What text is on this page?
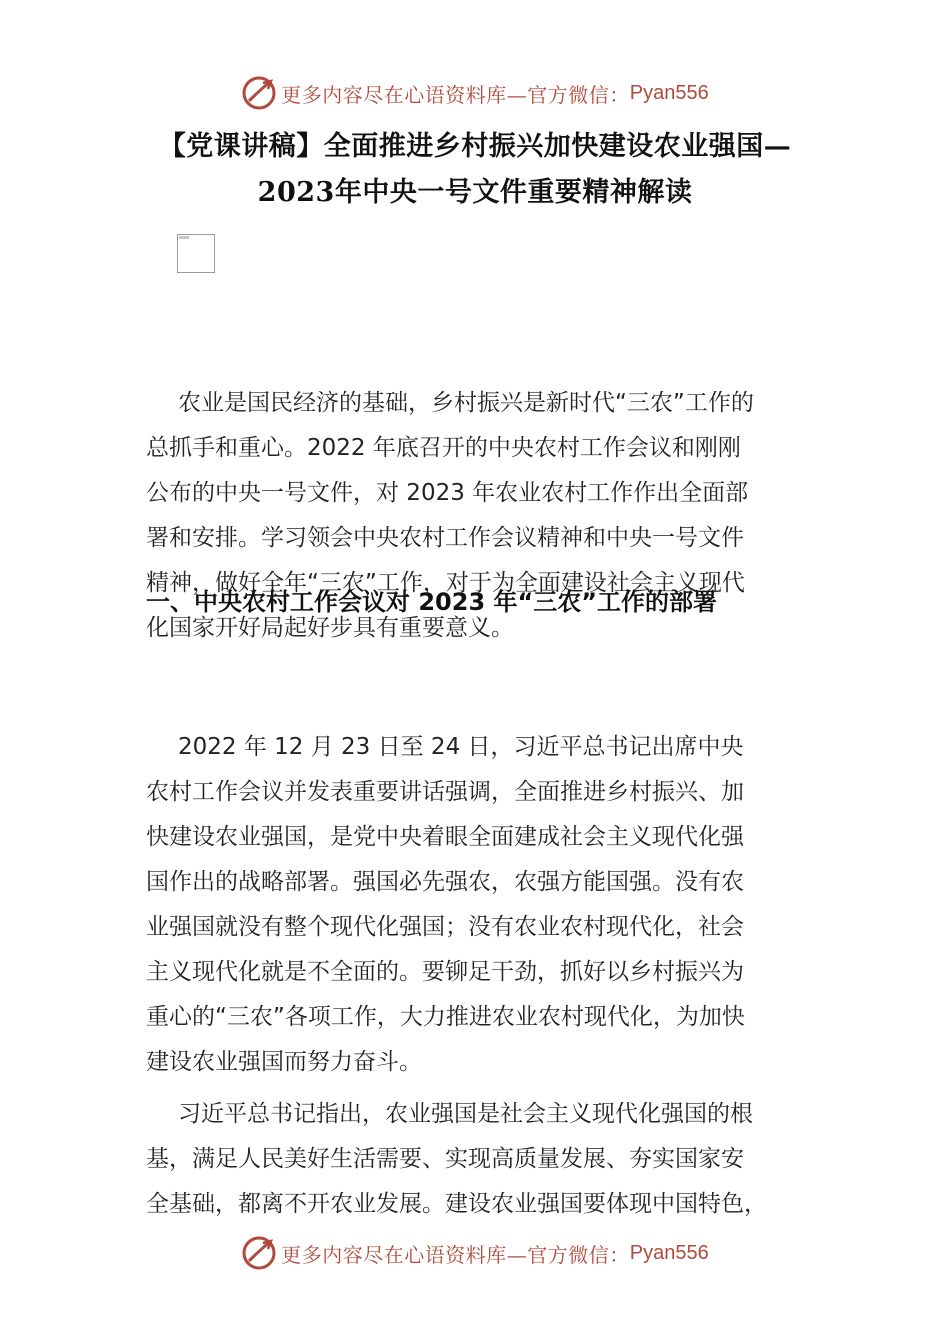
更多内容尽在心语资料库—官方微信： Pyan556
【党课讲稿】全面推进乡村振兴加快建设农业强国—
2023年中央一号文件重要精神解读

农业是国民经济的基础，乡村振兴是新时代“三农”工作的
总抓手和重心。2022 年底召开的中央农村工作会议和刚刚
公布的中央一号文件，对 2023 年农业农村工作作出全面部
署和安排。学习领会中央农村工作会议精神和中央一号文件
精神，做好全年“三农”工作，对于为全面建设社会主义现代
化国家开好局起好步具有重要意义。

一、中央农村工作会议对 2023 年“三农”工作的部署

2022 年 12 月 23 日至 24 日，习近平总书记出席中央
农村工作会议并发表重要讲话强调，全面推进乡村振兴、加
快建设农业强国，是党中央着眼全面建成社会主义现代化强
国作出的战略部署。强国必先强农，农强方能国强。没有农
业强国就没有整个现代化强国；没有农业农村现代化，社会
主义现代化就是不全面的。要铆足干劲，抓好以乡村振兴为
重心的“三农”各项工作，大力推进农业农村现代化，为加快
建设农业强国而努力奋斗。

习近平总书记指出，农业强国是社会主义现代化强国的根
基，满足人民美好生活需要、实现高质量发展、夯实国家安
全基础，都离不开农业发展。建设农业强国要体现中国特色，

更多内容尽在心语资料库—官方微信： Pyan556
